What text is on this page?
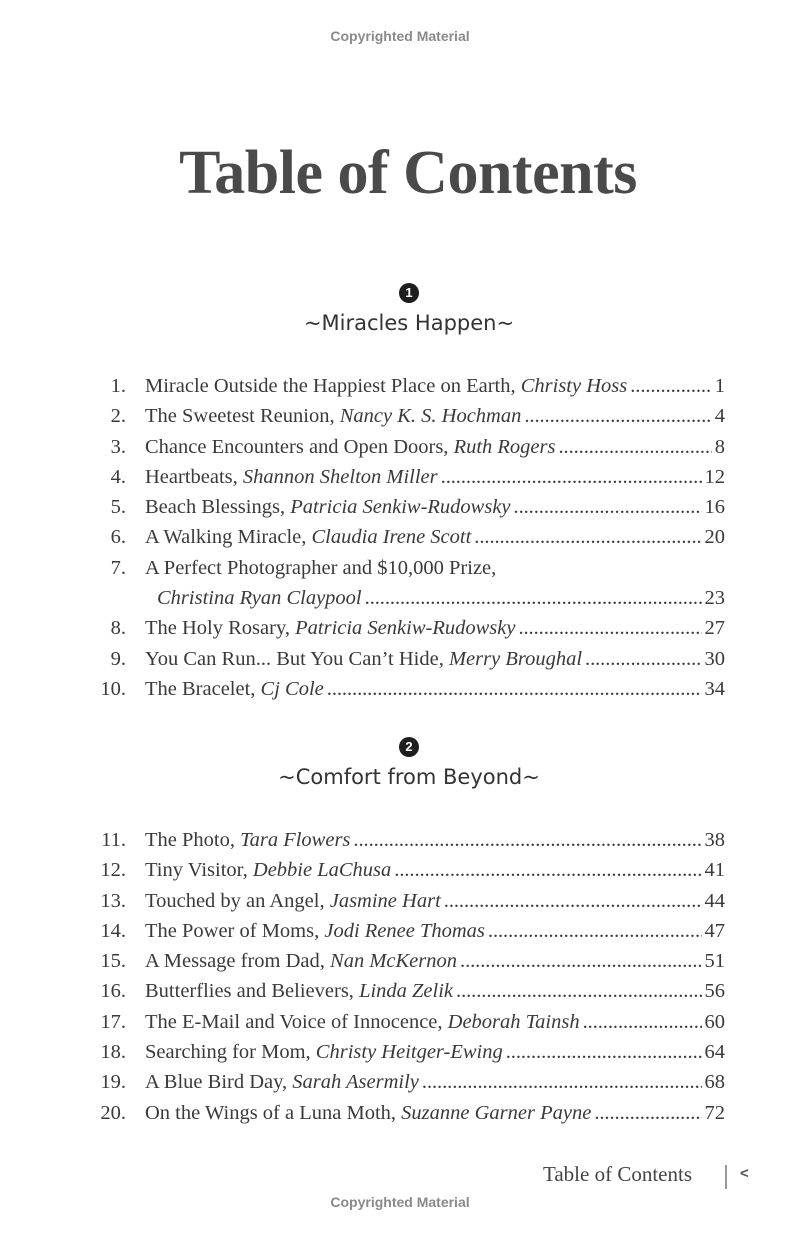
Copyrighted Material
Table of Contents
1
~Miracles Happen~
1. Miracle Outside the Happiest Place on Earth, Christy Hoss . . .	1
2. The Sweetest Reunion, Nancy K. S. Hochman . . .	4
3. Chance Encounters and Open Doors, Ruth Rogers . . .	8
4. Heartbeats, Shannon Shelton Miller . . .	12
5. Beach Blessings, Patricia Senkiw-Rudowsky . . .	16
6. A Walking Miracle, Claudia Irene Scott . . .	20
7. A Perfect Photographer and $10,000 Prize,
Christina Ryan Claypool . . .	23
8. The Holy Rosary, Patricia Senkiw-Rudowsky . . .	27
9. You Can Run... But You Can’t Hide, Merry Broughal . . .	30
10. The Bracelet, Cj Cole . . .	34
2
~Comfort from Beyond~
11. The Photo, Tara Flowers . . .	38
12. Tiny Visitor, Debbie LaChusa . . .	41
13. Touched by an Angel, Jasmine Hart . . .	44
14. The Power of Moms, Jodi Renee Thomas . . .	47
15. A Message from Dad, Nan McKernon . . .	51
16. Butterflies and Believers, Linda Zelik . . .	56
17. The E-Mail and Voice of Innocence, Deborah Tainsh . . .	60
18. Searching for Mom, Christy Heitger-Ewing . . .	64
19. A Blue Bird Day, Sarah Asermily . . .	68
20. On the Wings of a Luna Moth, Suzanne Garner Payne . . .	72
Table of Contents	<
Copyrighted Material
